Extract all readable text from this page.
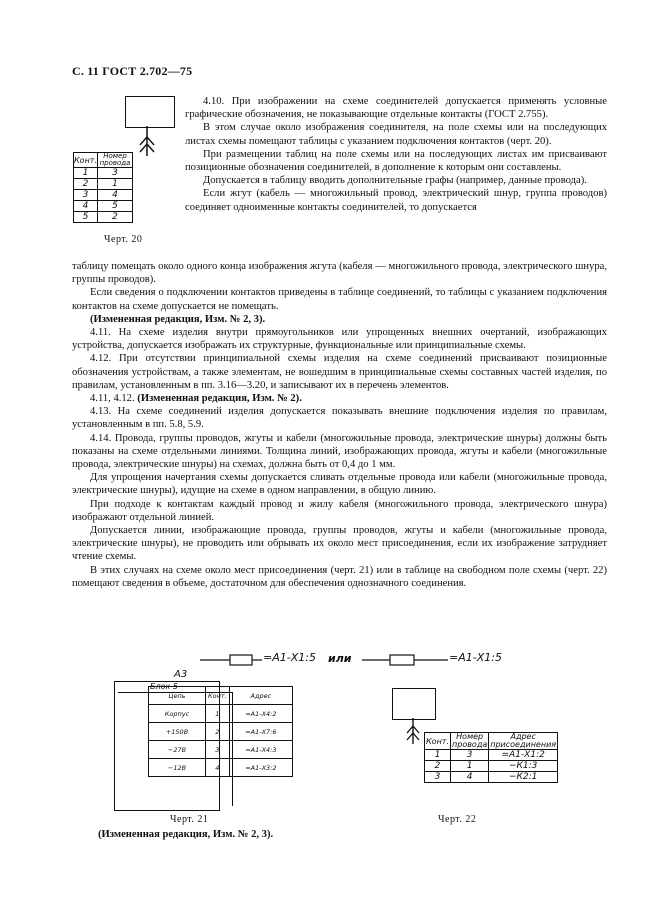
С. 11 ГОСТ 2.702—75
Конт.	Номер провода
1	3
2	1
3	4
4	5
5	2
Черт. 20

4.10. При изображении на схеме соединителей допускается применять условные графические обозначения, не показывающие отдельные контакты (ГОСТ 2.755).

В этом случае около изображения соединителя, на поле схемы или на последующих листах схемы помещают таблицы с указанием подключения контактов (черт. 20).

При размещении таблиц на поле схемы или на последующих листах им присваивают позиционные обозначения соединителей, в дополнение к которым они составлены.

Допускается в таблицу вводить дополнительные графы (например, данные провода).

Если жгут (кабель — многожильный провод, электрический шнур, группа проводов) соединяет одноименные контакты соединителей, то допускается

таблицу помещать около одного конца изображения жгута (кабеля — многожильного провода, электрического шнура, группы проводов).

Если сведения о подключении контактов приведены в таблице соединений, то таблицы с указанием подключения контактов на схеме допускается не помещать.

(Измененная редакция, Изм. № 2, 3).

4.11. На схеме изделия внутри прямоугольников или упрощенных внешних очертаний, изображающих устройства, допускается изображать их структурные, функциональные или принципиальные схемы.

4.12. При отсутствии принципиальной схемы изделия на схеме соединений присваивают позиционные обозначения устройствам, а также элементам, не вошедшим в принципиальные схемы составных частей изделия, по правилам, установленным в пп. 3.16—3.20, и записывают их в перечень элементов.

4.11, 4.12. (Измененная редакция, Изм. № 2).

4.13. На схеме соединений изделия допускается показывать внешние подключения изделия по правилам, установленным в пп. 5.8, 5.9.

4.14. Провода, группы проводов, жгуты и кабели (многожильные провода, электрические шнуры) должны быть показаны на схеме отдельными линиями. Толщина линий, изображающих провода, жгуты и кабели (многожильные провода, электрические шнуры) на схемах, должна быть от 0,4 до 1 мм.

Для упрощения начертания схемы допускается сливать отдельные провода или кабели (многожильные провода, электрические шнуры), идущие на схеме в одном направлении, в общую линию.

При подходе к контактам каждый провод и жилу кабеля (многожильного провода, электрического шнура) изображают отдельной линией.

Допускается линии, изображающие провода, группы проводов, жгуты и кабели (многожильные провода, электрические шнуры), не проводить или обрывать их около мест присоединения, если их изображение затрудняет чтение схемы.

В этих случаях на схеме около мест присоединения (черт. 21) или в таблице на свободном поле схемы (черт. 22) помещают сведения в объеме, достаточном для обеспечения однозначного соединения.

=А1-Х1:5 или	=А1-Х1:5
А3
Блок 5
Цепь	Конт.	Адрес
Корпус	1	=А1-Х4:2
+150В	2	=А1-Х7:6
−27В	3	=А1-Х4:3
−12В	4	=А1-Х3:2
Черт. 21
Конт.	Номер провода	Адрес присоединения
1	3	=А1-Х1:2
2	1	−К1:3
3	4	−К2:1
Черт. 22
(Измененная редакция, Изм. № 2, 3).
